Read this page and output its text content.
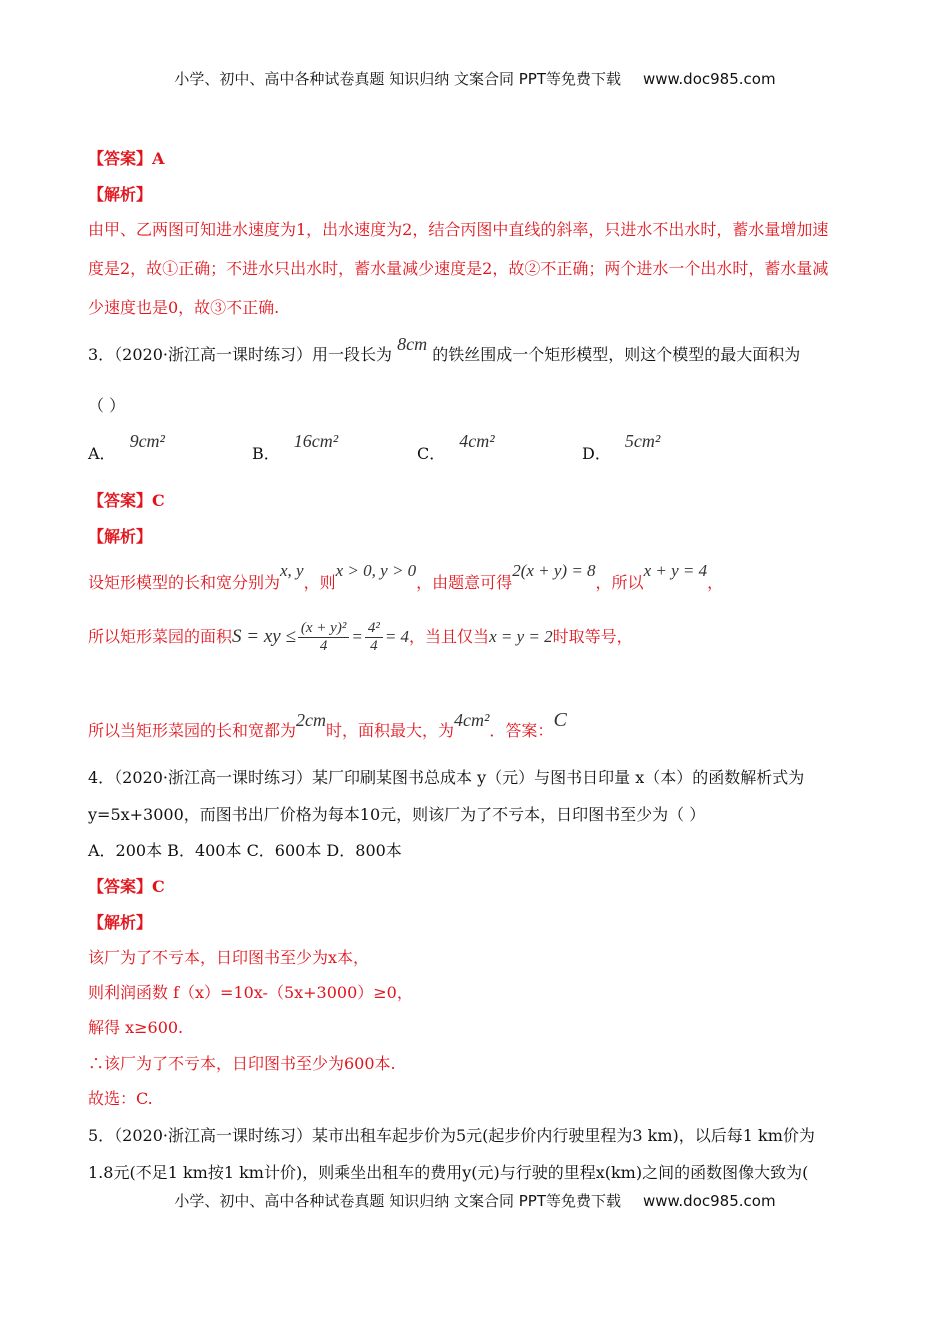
小学、初中、高中各种试卷真题 知识归纳 文案合同 PPT等免费下载 www.doc985.com
【答案】A
【解析】
由甲、乙两图可知进水速度为1，出水速度为2，结合丙图中直线的斜率，只进水不出水时，蓄水量增加速
度是2，故①正确；不进水只出水时，蓄水量减少速度是2，故②不正确；两个进水一个出水时，蓄水量减
少速度也是0，故③不正确.
3．（2020·浙江高一课时练习）用一段长为 8cm 的铁丝围成一个矩形模型，则这个模型的最大面积为
（ ）
A．9cm²
B．16cm²
C．4cm²
D．5cm²
【答案】C
【解析】
设矩形模型的长和宽分别为x, y，则x > 0, y > 0，由题意可得2(x + y) = 8，所以x + y = 4，
所以矩形菜园的面积S = xy ≤ $\frac{\text{(x + y)²}}{4} = \frac{\text{4²}}{4} = 4$，当且仅当x = y = 2时取等号，
所以当矩形菜园的长和宽都为2cm时，面积最大，为4cm²．答案：C
4．（2020·浙江高一课时练习）某厂印刷某图书总成本 y（元）与图书日印量 x（本）的函数解析式为
y=5x+3000，而图书出厂价格为每本10元，则该厂为了不亏本，日印图书至少为（ ）
A．200本 B．400本 C．600本 D．800本
【答案】C
【解析】
该厂为了不亏本，日印图书至少为x本，
则利润函数 f（x）=10x-（5x+3000）≥0，
解得 x≥600.
∴该厂为了不亏本，日印图书至少为600本.
故选：C.
5．（2020·浙江高一课时练习）某市出租车起步价为5元(起步价内行驶里程为3 km)，以后每1 km价为
1.8元(不足1 km按1 km计价)，则乘坐出租车的费用y(元)与行驶的里程x(km)之间的函数图像大致为(
小学、初中、高中各种试卷真题 知识归纳 文案合同 PPT等免费下载 www.doc985.com
